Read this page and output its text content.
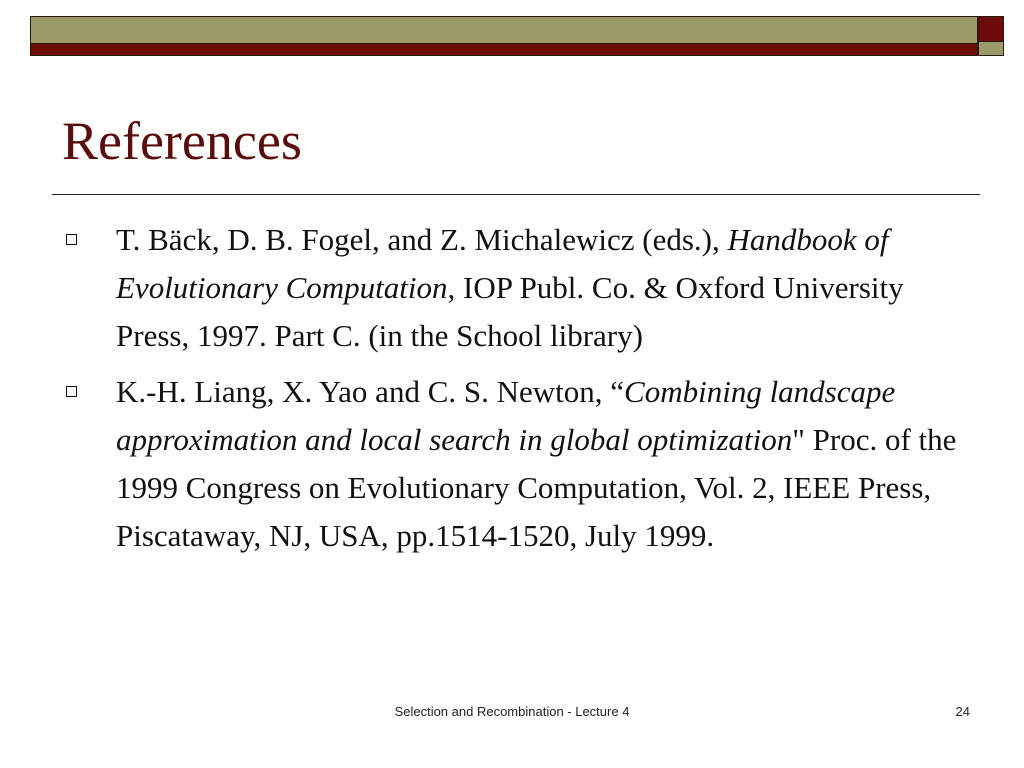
References
T. Bäck, D. B. Fogel, and Z. Michalewicz (eds.), Handbook of Evolutionary Computation, IOP Publ. Co. & Oxford University Press, 1997. Part C. (in the School library)
K.-H. Liang, X. Yao and C. S. Newton, “Combining landscape approximation and local search in global optimization" Proc. of the 1999 Congress on Evolutionary Computation, Vol. 2, IEEE Press, Piscataway, NJ, USA, pp.1514-1520, July 1999.
Selection and Recombination - Lecture 4	24
